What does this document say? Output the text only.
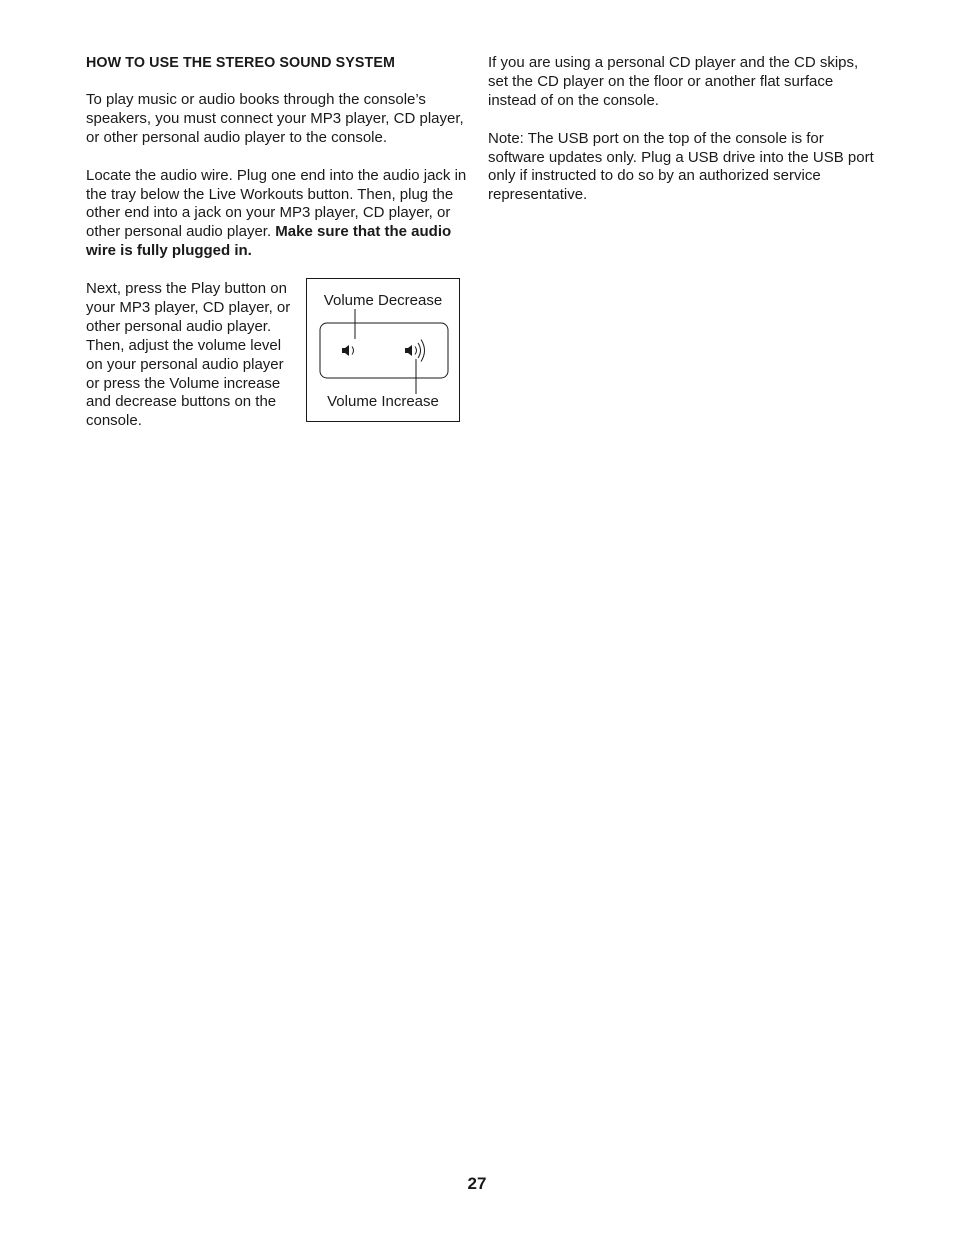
HOW TO USE THE STEREO SOUND SYSTEM

To play music or audio books through the console’s speakers, you must connect your MP3 player, CD player, or other personal audio player to the console.

Locate the audio wire. Plug one end into the audio jack in the tray below the Live Workouts button. Then, plug the other end into a jack on your MP3 player, CD player, or other personal audio player. Make sure that the audio wire is fully plugged in.

Next, press the Play button on your MP3 player, CD player, or other personal audio player. Then, adjust the volume level on your personal audio player or press the Volume increase and decrease buttons on the console.

Volume Decrease
Volume Increase

If you are using a personal CD player and the CD skips, set the CD player on the floor or another flat surface instead of on the console.

Note: The USB port on the top of the console is for software updates only. Plug a USB drive into the USB port only if instructed to do so by an authorized service representative.

27
